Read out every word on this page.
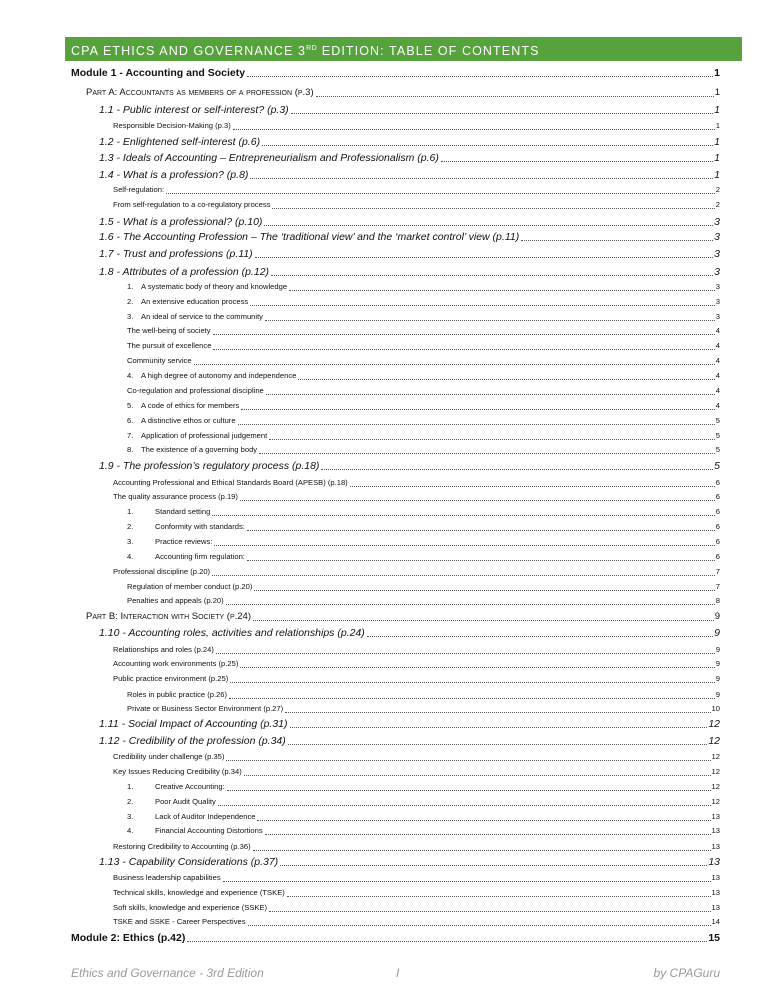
CPA ETHICS AND GOVERNANCE 3RD EDITION: TABLE OF CONTENTS
Module 1 - Accounting and Society	1
Part A: Accountants as members of a profession (p.3)	1
1.1 - Public interest or self-interest? (p.3)	1
Responsible Decision-Making (p.3)	1
1.2 - Enlightened self-interest (p.6)	1
1.3 - Ideals of Accounting – Entrepreneurialism and Professionalism (p.6)	1
1.4 - What is a profession? (p.8)	1
Self-regulation:	2
From self-regulation to a co-regulatory process	2
1.5 - What is a professional? (p.10)	3
1.6 - The Accounting Profession – The ‘traditional view’ and the ‘market control’ view (p.11)	3
1.7 - Trust and professions (p.11)	3
1.8 - Attributes of a profession (p.12)	3
1.	A systematic body of theory and knowledge	3
2.	An extensive education process	3
3.	An ideal of service to the community	3
The well-being of society	4
The pursuit of excellence	4
Community service	4
4.	A high degree of autonomy and independence	4
Co-regulation and professional discipline	4
5.	A code of ethics for members	4
6.	A distinctive ethos or culture	5
7.	Application of professional judgement	5
8.	The existence of a governing body	5
1.9 - The profession’s regulatory process (p.18)	5
Accounting Professional and Ethical Standards Board (APESB) (p.18)	6
The quality assurance process (p.19)	6
1.	Standard setting	6
2.	Conformity with standards:	6
3.	Practice reviews:	6
4.	Accounting firm regulation:	6
Professional discipline (p.20)	7
Regulation of member conduct (p.20)	7
Penalties and appeals (p.20)	8
Part B: Interaction with Society (p.24)	9
1.10 - Accounting roles, activities and relationships (p.24)	9
Relationships and roles (p.24)	9
Accounting work environments (p.25)	9
Public practice environment (p.25)	9
Roles in public practice (p.26)	9
Private or Business Sector Environment (p.27)	10
1.11 - Social Impact of Accounting (p.31)	12
1.12 - Credibility of the profession (p.34)	12
Credibility under challenge (p.35)	12
Key Issues Reducing Credibility (p.34)	12
1.	Creative Accounting:	12
2.	Poor Audit Quality	12
3.	Lack of Auditor Independence	13
4.	Financial Accounting Distortions	13
Restoring Credibility to Accounting (p.36)	13
1.13 - Capability Considerations (p.37)	13
Business leadership capabilities	13
Technical skills, knowledge and experience (TSKE)	13
Soft skills, knowledge and experience (SSKE)	13
TSKE and SSKE - Career Perspectives	14
Module 2: Ethics (p.42)	15
Ethics and Governance - 3rd Edition	I	by CPAGuru
